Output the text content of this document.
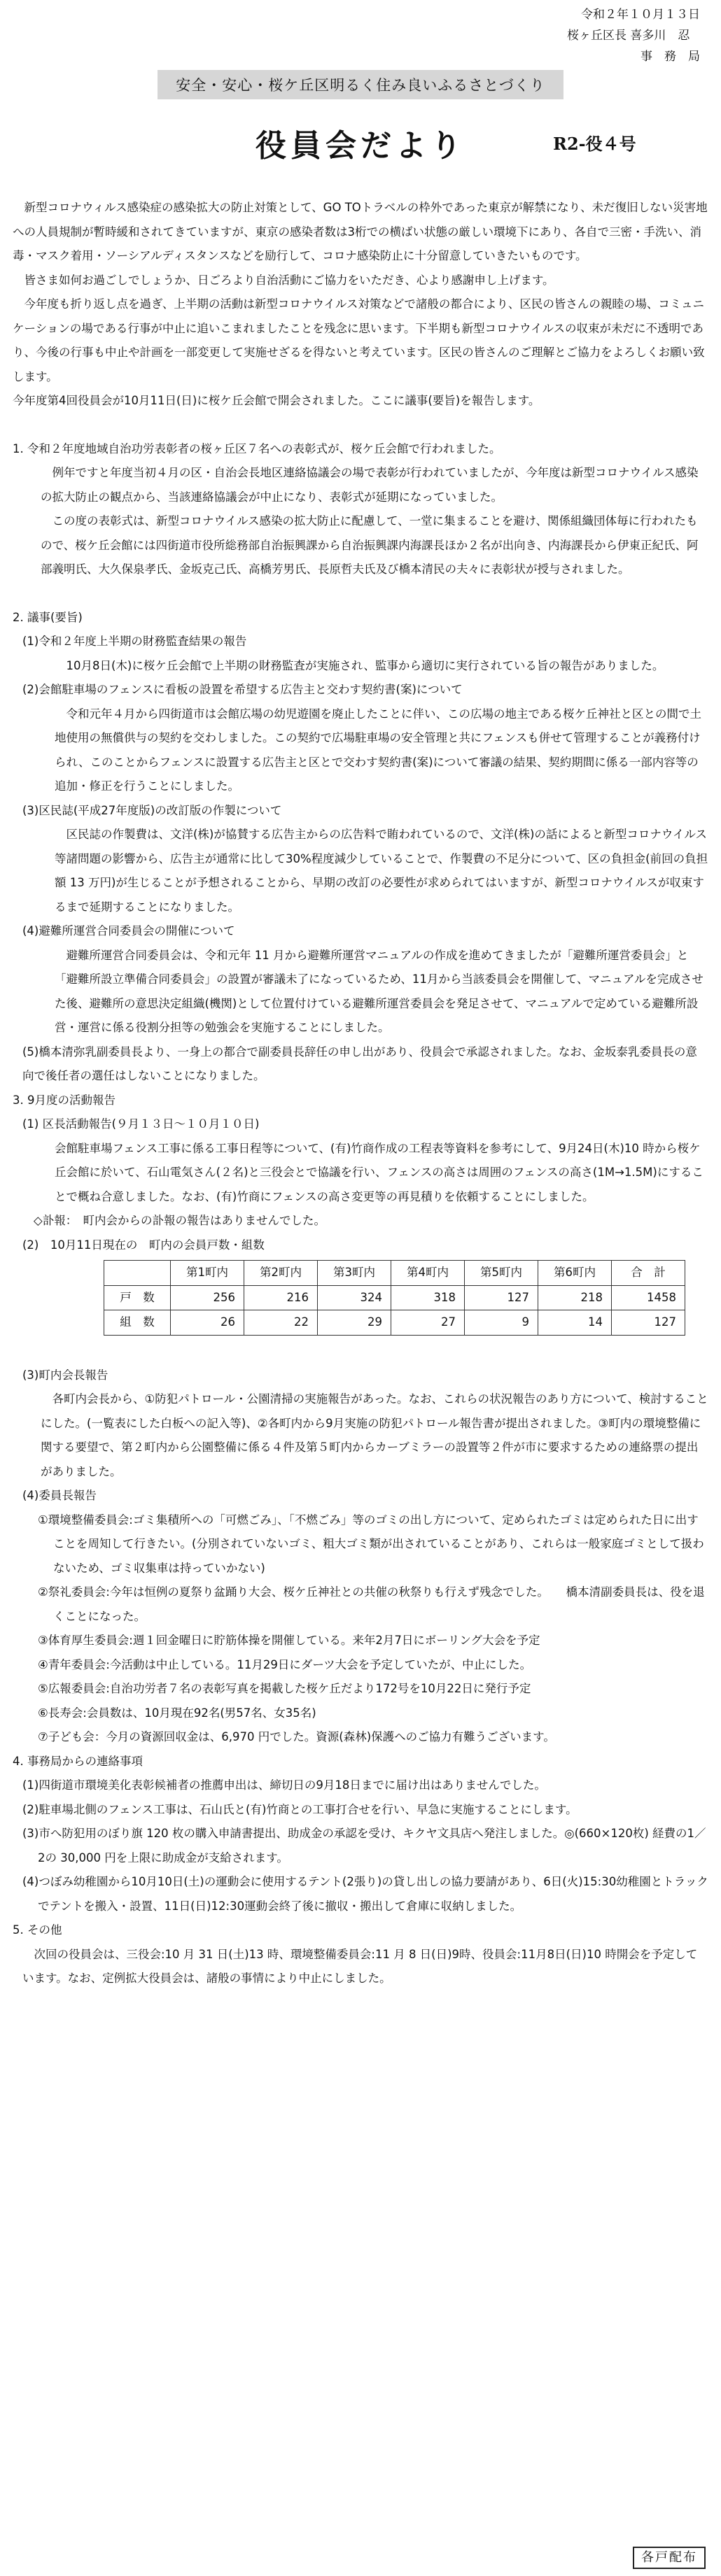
令和２年１０月１３日
桜ヶ丘区長 喜多川　忍
事　務　局
安全・安心・桜ケ丘区明るく住み良いふるさとづくり
役員会だより	R2-役４号

新型コロナウィルス感染症の感染拡大の防止対策として、GO TOトラベルの枠外であった東京が解禁になり、未だ復旧しない災害地への人員規制が暫時緩和されてきていますが、東京の感染者数は3桁での横ばい状態の厳しい環境下にあり、各自で三密・手洗い、消毒・マスク着用・ソーシアルディスタンスなどを励行して、コロナ感染防止に十分留意していきたいものです。

皆さま如何お過ごしでしょうか、日ごろより自治活動にご協力をいただき、心より感謝申し上げます。

今年度も折り返し点を過ぎ、上半期の活動は新型コロナウイルス対策などで諸般の都合により、区民の皆さんの親睦の場、コミュニケーションの場である行事が中止に追いこまれましたことを残念に思います。下半期も新型コロナウイルスの収束が未だに不透明であり、今後の行事も中止や計画を一部変更して実施せざるを得ないと考えています。区民の皆さんのご理解とご協力をよろしくお願い致します。

今年度第4回役員会が10月11日(日)に桜ケ丘会館で開会されました。ここに議事(要旨)を報告します。

1. 令和２年度地域自治功労表彰者の桜ヶ丘区７名への表彰式が、桜ケ丘会館で行われました。

例年ですと年度当初４月の区・自治会長地区連絡協議会の場で表彰が行われていましたが、今年度は新型コロナウイルス感染の拡大防止の観点から、当該連絡協議会が中止になり、表彰式が延期になっていました。

この度の表彰式は、新型コロナウイルス感染の拡大防止に配慮して、一堂に集まることを避け、関係組織団体毎に行われたもので、桜ケ丘会館には四街道市役所総務部自治振興課から自治振興課内海課長ほか２名が出向き、内海課長から伊東正紀氏、阿部義明氏、大久保泉孝氏、金坂克己氏、高橋芳男氏、長原哲夫氏及び橋本清民の夫々に表彰状が授与されました。

2. 議事(要旨)

(1)令和２年度上半期の財務監査結果の報告

10月8日(木)に桜ケ丘会館で上半期の財務監査が実施され、監事から適切に実行されている旨の報告がありました。

(2)会館駐車場のフェンスに看板の設置を希望する広告主と交わす契約書(案)について

令和元年４月から四街道市は会館広場の幼児遊園を廃止したことに伴い、この広場の地主である桜ケ丘神社と区との間で土地使用の無償供与の契約を交わしました。この契約で広場駐車場の安全管理と共にフェンスも併せて管理することが義務付けられ、このことからフェンスに設置する広告主と区とで交わす契約書(案)について審議の結果、契約期間に係る一部内容等の追加・修正を行うことにしました。

(3)区民誌(平成27年度版)の改訂版の作製について

区民誌の作製費は、文洋(株)が協賛する広告主からの広告料で賄われているので、文洋(株)の話によると新型コロナウイルス等諸問題の影響から、広告主が通常に比して30%程度減少していることで、作製費の不足分について、区の負担金(前回の負担額 13 万円)が生じることが予想されることから、早期の改訂の必要性が求められてはいますが、新型コロナウイルスが収束するまで延期することになりました。

(4)避難所運営合同委員会の開催について

避難所運営合同委員会は、令和元年 11 月から避難所運営マニュアルの作成を進めてきましたが「避難所運営委員会」と「避難所設立準備合同委員会」の設置が審議未了になっているため、11月から当該委員会を開催して、マニュアルを完成させた後、避難所の意思決定組織(機関)として位置付けている避難所運営委員会を発足させて、マニュアルで定めている避難所設営・運営に係る役割分担等の勉強会を実施することにしました。

(5)橋本清弥乳副委員長より、一身上の都合で副委員長辞任の申し出があり、役員会で承認されました。なお、金坂泰乳委員長の意向で後任者の選任はしないことになりました。

3. 9月度の活動報告

(1) 区長活動報告(９月１３日～１０月１０日)

会館駐車場フェンス工事に係る工事日程等について、(有)竹商作成の工程表等資料を参考にして、9月24日(木)10 時から桜ケ丘会館に於いて、石山電気さん(２名)と三役会とで協議を行い、フェンスの高さは周囲のフェンスの高さ(1M→1.5M)にすることで概ね合意しました。なお、(有)竹商にフェンスの高さ変更等の再見積りを依頼することにしました。

◇訃報：　町内会からの訃報の報告はありませんでした。

(2)　10月11日現在の　町内の会員戸数・組数

	第1町内	第2町内	第3町内	第4町内	第5町内	第6町内	合　計
戸　数	256	216	324	318	127	218	1458
組　数	26	22	29	27	9	14	127

(3)町内会長報告

各町内会長から、①防犯パトロール・公園清掃の実施報告があった。なお、これらの状況報告のあり方について、検討することにした。(一覧表にした白板への記入等)、②各町内から9月実施の防犯パトロール報告書が提出されました。③町内の環境整備に関する要望で、第２町内から公園整備に係る４件及第５町内からカーブミラーの設置等２件が市に要求するための連絡票の提出がありました。

(4)委員長報告

①環境整備委員会:ゴミ集積所への「可燃ごみ」、「不燃ごみ」等のゴミの出し方について、定められたゴミは定められた日に出すことを周知して行きたい。(分別されていないゴミ、粗大ゴミ類が出されていることがあり、これらは一般家庭ゴミとして扱わないため、ゴミ収集車は持っていかない)

②祭礼委員会:今年は恒例の夏祭り盆踊り大会、桜ケ丘神社との共催の秋祭りも行えず残念でした。　　橋本清副委員長は、役を退くことになった。

③体育厚生委員会:週１回金曜日に貯筋体操を開催している。来年2月7日にボーリング大会を予定

④青年委員会:今活動は中止している。11月29日にダーツ大会を予定していたが、中止にした。

⑤広報委員会:自治功労者７名の表彰写真を掲載した桜ケ丘だより172号を10月22日に発行予定

⑥長寿会:会員数は、10月現在92名(男57名、女35名)

⑦子ども会：今月の資源回収金は、6,970 円でした。資源(森林)保護へのご協力有難うございます。

4. 事務局からの連絡事項

(1)四街道市環境美化表彰候補者の推薦申出は、締切日の9月18日までに届け出はありませんでした。

(2)駐車場北側のフェンス工事は、石山氏と(有)竹商との工事打合せを行い、早急に実施することにします。

(3)市へ防犯用のぼり旗 120 枚の購入申請書提出、助成金の承認を受け、キクヤ文具店へ発注しました。◎(660×120枚) 経費の1／2の 30,000 円を上限に助成金が支給されます。

(4)つぼみ幼稚園から10月10日(土)の運動会に使用するテント(2張り)の貸し出しの協力要請があり、6日(火)15:30幼稚園とトラックでテントを搬入・設置、11日(日)12:30運動会終了後に撤収・搬出して倉庫に収納しました。

5. その他

次回の役員会は、三役会:10 月 31 日(土)13 時、環境整備委員会:11 月 8 日(日)9時、役員会:11月8日(日)10 時開会を予定しています。なお、定例拡大役員会は、諸般の事情により中止にしました。

各戸配布
